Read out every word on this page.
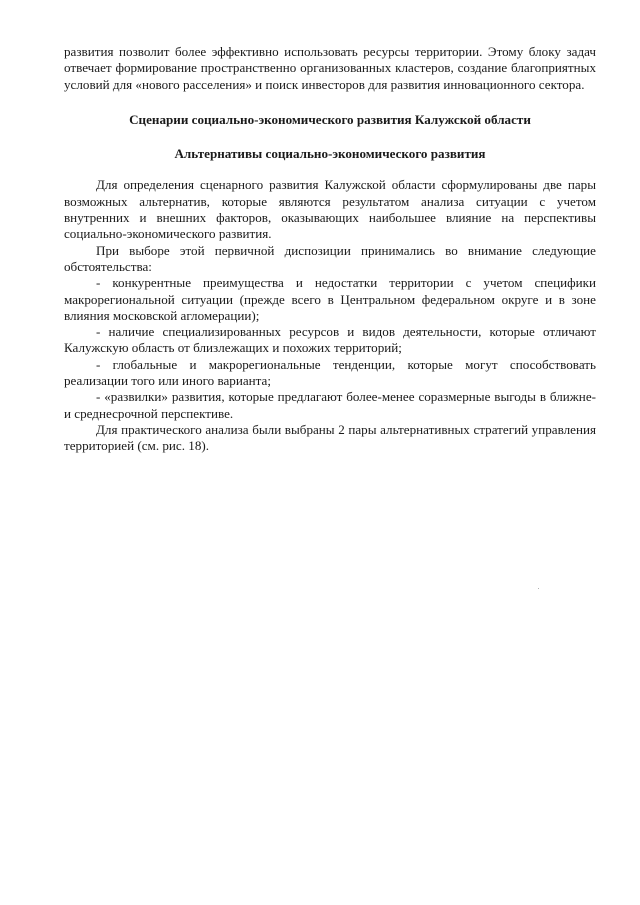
развития позволит более эффективно использовать ресурсы территории. Этому блоку задач отвечает формирование пространственно организованных кластеров, создание благоприятных условий для «нового расселения» и поиск инвесторов для развития инновационного сектора.

Сценарии социально-экономического развития Калужской области

Альтернативы социально-экономического развития

Для определения сценарного развития Калужской области сформулированы две пары возможных альтернатив, которые являются результатом анализа ситуации с учетом внутренних и внешних факторов, оказывающих наибольшее влияние на перспективы социально-экономического развития.

При выборе этой первичной диспозиции принимались во внимание следующие обстоятельства:

- конкурентные преимущества и недостатки территории с учетом специфики макрорегиональной ситуации (прежде всего в Центральном федеральном округе и в зоне влияния московской агломерации);

- наличие специализированных ресурсов и видов деятельности, которые отличают Калужскую область от близлежащих и похожих территорий;

- глобальные и макрорегиональные тенденции, которые могут способствовать реализации того или иного варианта;

- «развилки» развития, которые предлагают более-менее соразмерные выгоды в ближне- и среднесрочной перспективе.

Для практического анализа были выбраны 2 пары альтернативных стратегий управления территорией (см. рис. 18).
